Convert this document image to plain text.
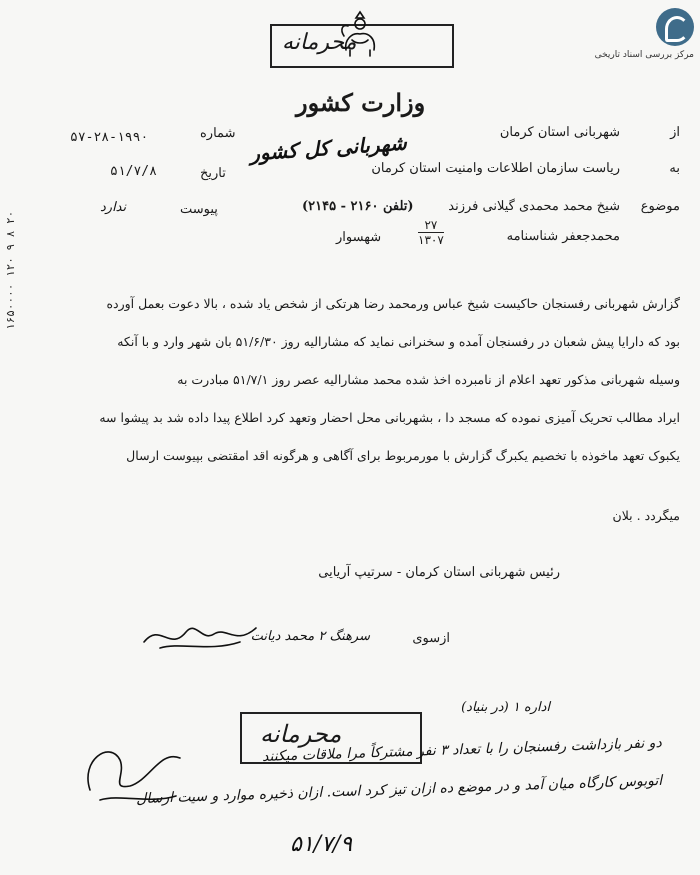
۱۶۵۰۰۰۰ ۱۲۰ ۹ ۸ ۲۰
مرکز بررسی اسناد تاریخی
محرمانه
وزارت کشور
شماره
۵۷-۲۸-۱۹۹۰
تاریخ
۵۱/۷/۸
پیوست
ندارد
از
شهربانی استان کرمان
به
ریاست سازمان اطلاعات وامنیت استان کرمان
شهربانی کل کشور
موضوع
شیخ محمد محمدی گیلانی فرزند
(تلفن ۲۱۶۰ - ۲۱۴۵)
محمدجعفر شناسنامه
۲۷
۱۳۰۷
شهسوار
گزارش شهربانی رفسنجان حاکیست شیخ عباس ورمحمد رضا هرتکی از شخص یاد شده ، بالا دعوت بعمل آورده
بود که دارایا پیش شعبان در رفسنجان آمده و سخنرانی نماید که مشارالیه روز ۵۱/۶/۳۰ بان شهر وارد و با آنکه
وسیله شهربانی مذکور تعهد اعلام از نامبرده اخذ شده محمد مشارالیه عصر روز ۵۱/۷/۱ مبادرت به
ایراد مطالب تحریک آمیزی نموده که مسجد دا ، بشهربانی محل احضار وتعهد کرد اطلاع پیدا داده شد بد پیشوا سه
یکبوک تعهد ماخوذه با تخصیم یکبرگ گزارش با مورمربوط برای آگاهی و هرگونه اقد امقتضی بپیوست ارسال
میگردد . بلان
رئیس شهربانی استان کرمان - سرتیپ آریایی
ازسوی
سرهنگ ۲ محمد دیانت
محرمانه
اداره ۱ (در بنیاد)
دو نفر بازداشت رفسنجان را با تعداد ۳ نفر مشترکاً مرا ملاقات میکنند
اتوبوس کارگاه میان آمد و در موضع ده ازان تیز کرد است. ازان ذخیره موارد و سیت ارسال
۵۱/۷/۹
